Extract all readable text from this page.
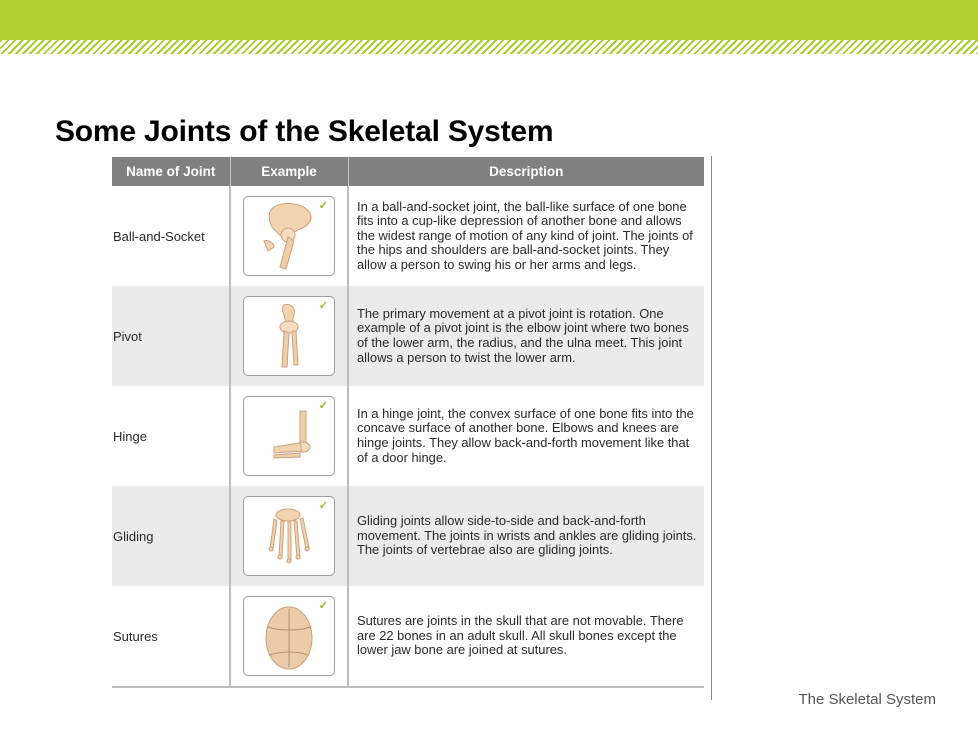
Some Joints of the Skeletal System
Name of Joint	Example	Description
Ball-and-Socket	✓	In a ball-and-socket joint, the ball-like surface of one bone fits into a cup-like depression of another bone and allows the widest range of motion of any kind of joint. The joints of the hips and shoulders are ball-and-socket joints. They allow a person to swing his or her arms and legs.
Pivot	✓	The primary movement at a pivot joint is rotation. One example of a pivot joint is the elbow joint where two bones of the lower arm, the radius, and the ulna meet. This joint allows a person to twist the lower arm.
Hinge	✓	In a hinge joint, the convex surface of one bone fits into the concave surface of another bone. Elbows and knees are hinge joints. They allow back-and-forth movement like that of a door hinge.
Gliding	✓	Gliding joints allow side-to-side and back-and-forth movement. The joints in wrists and ankles are gliding joints. The joints of vertebrae also are gliding joints.
Sutures	✓	Sutures are joints in the skull that are not movable. There are 22 bones in an adult skull. All skull bones except the lower jaw bone are joined at sutures.

The Skeletal System
